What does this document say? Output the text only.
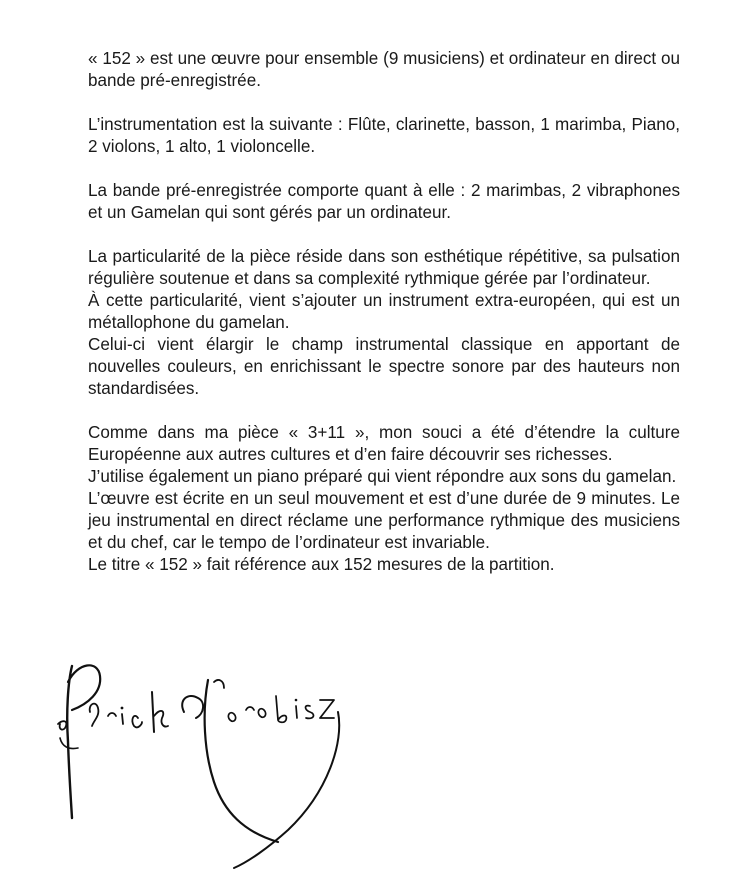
« 152 » est une œuvre pour ensemble (9 musiciens) et ordinateur en direct ou bande pré-enregistrée.

L’instrumentation est la suivante : Flûte, clarinette, basson, 1 marimba, Piano, 2 violons, 1 alto, 1 violoncelle.

La bande pré-enregistrée comporte quant à elle : 2 marimbas, 2 vibraphones et un Gamelan qui sont gérés par un ordinateur.

La particularité de la pièce réside dans son esthétique répétitive, sa pulsation régulière soutenue et dans sa complexité rythmique gérée par l’ordinateur.

À cette particularité, vient s’ajouter un instrument extra-européen, qui est un métallophone du gamelan.

Celui-ci vient élargir le champ instrumental classique en apportant de nouvelles couleurs, en enrichissant le spectre sonore par des hauteurs non standardisées.

Comme dans ma pièce « 3+11 », mon souci a été d’étendre la culture Européenne aux autres cultures et d’en faire découvrir ses richesses.

J’utilise également un piano préparé qui vient répondre aux sons du gamelan.

L’œuvre est écrite en un seul mouvement et est d’une durée de 9 minutes. Le jeu instrumental en direct réclame une performance rythmique des musiciens et du chef, car le tempo de l’ordinateur est invariable.

Le titre « 152 » fait référence aux 152 mesures de la partition.
